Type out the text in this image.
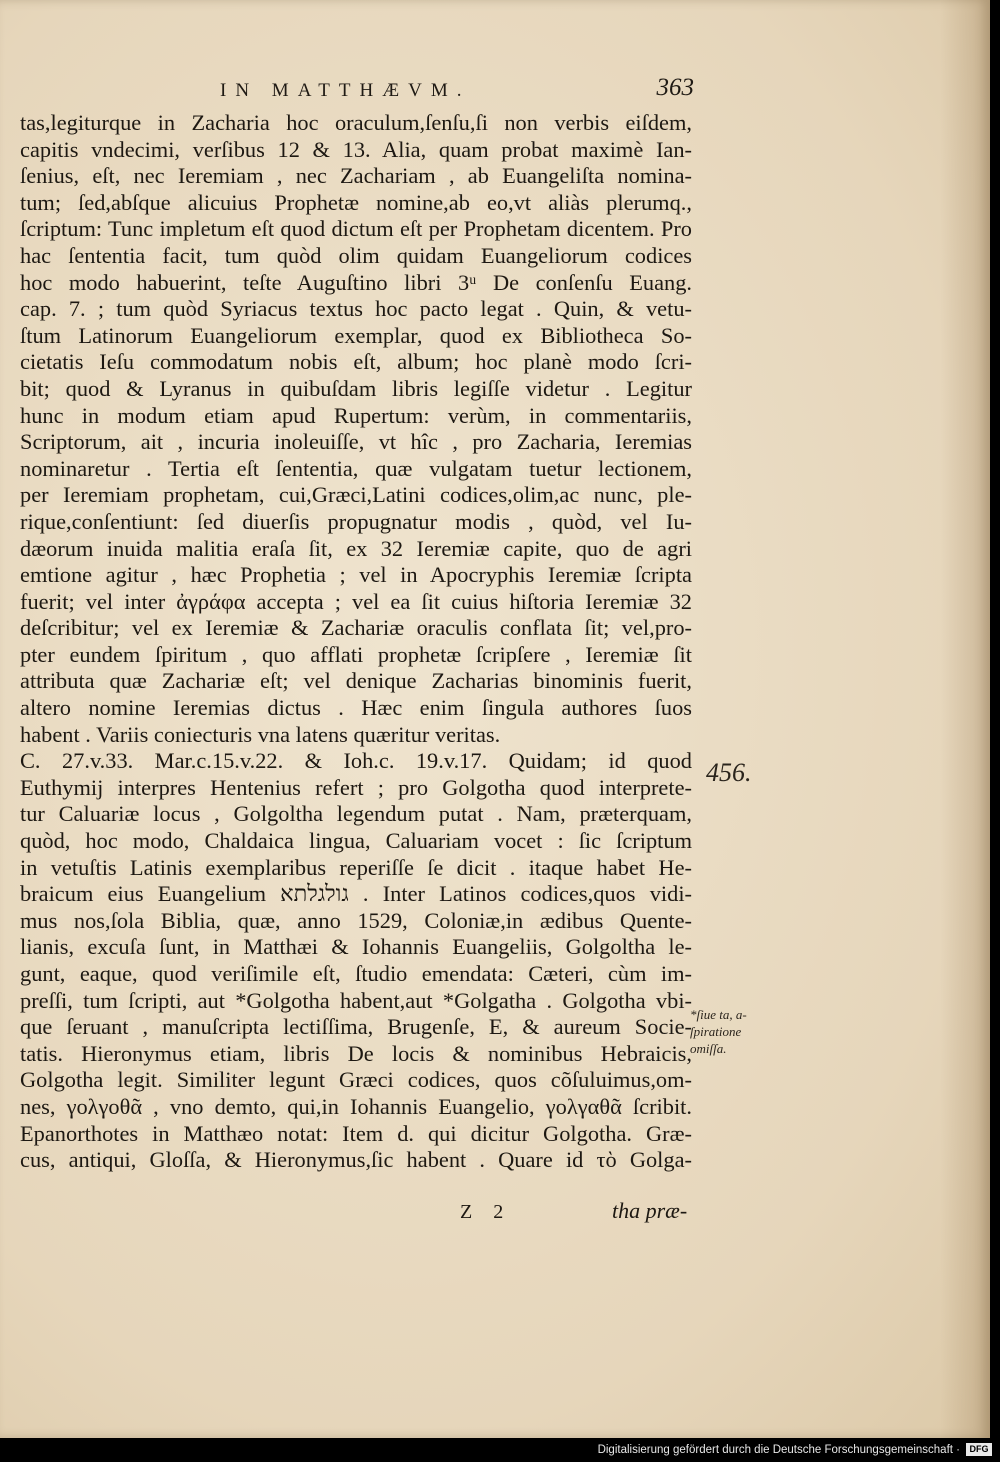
IN MATTHÆVM.	363
tas,legiturque in Zacharia hoc oraculum,ſenſu,ſi non verbis eiſdem,
capitis vndecimi, verſibus 12 & 13. Alia, quam probat maximè Ian-
ſenius, eſt, nec Ieremiam , nec Zachariam , ab Euangeliſta nomina-
tum; ſed,abſque alicuius Prophetæ nomine,ab eo,vt aliàs plerumq.,
ſcriptum: Tunc impletum eſt quod dictum eſt per Prophetam dicentem. Pro
hac ſententia facit, tum quòd olim quidam Euangeliorum codices
hoc modo habuerint, teſte Auguſtino libri 3ᵘ De conſenſu Euang.
cap. 7. ; tum quòd Syriacus textus hoc pacto legat . Quin, & vetu-
ſtum Latinorum Euangeliorum exemplar, quod ex Bibliotheca So-
cietatis Ieſu commodatum nobis eſt, album; hoc planè modo ſcri-
bit; quod & Lyranus in quibuſdam libris legiſſe videtur . Legitur
hunc in modum etiam apud Rupertum: verùm, in commentariis,
Scriptorum, ait , incuria inoleuiſſe, vt hîc , pro Zacharia, Ieremias
nominaretur . Tertia eſt ſententia, quæ vulgatam tuetur lectionem,
per Ieremiam prophetam, cui,Græci,Latini codices,olim,ac nunc, ple-
rique,conſentiunt: ſed diuerſis propugnatur modis , quòd, vel Iu-
dæorum inuida malitia eraſa ſit, ex 32 Ieremiæ capite, quo de agri
emtione agitur , hæc Prophetia ; vel in Apocryphis Ieremiæ ſcripta
fuerit; vel inter ἀγράφα accepta ; vel ea ſit cuius hiſtoria Ieremiæ 32
deſcribitur; vel ex Ieremiæ & Zachariæ oraculis conflata ſit; vel,pro-
pter eundem ſpiritum , quo afflati prophetæ ſcripſere , Ieremiæ ſit
attributa quæ Zachariæ eſt; vel denique Zacharias binominis fuerit,
altero nomine Ieremias dictus . Hæc enim ſingula authores ſuos
habent . Variis coniecturis vna latens quæritur veritas.
C. 27.v.33. Mar.c.15.v.22. & Ioh.c. 19.v.17. Quidam; id quod
Euthymij interpres Hentenius refert ; pro Golgotha quod interprete-
tur Caluariæ locus , Golgoltha legendum putat . Nam, præterquam,
quòd, hoc modo, Chaldaica lingua, Caluariam vocet : ſic ſcriptum
in vetuſtis Latinis exemplaribus reperiſſe ſe dicit . itaque habet He-
braicum eius Euangelium גולגלתא . Inter Latinos codices,quos vidi-
mus nos,ſola Biblia, quæ, anno 1529, Coloniæ,in ædibus Quente-
lianis, excuſa ſunt, in Matthæi & Iohannis Euangeliis, Golgoltha le-
gunt, eaque, quod veriſimile eſt, ſtudio emendata: Cæteri, cùm im-
preſſi, tum ſcripti, aut *Golgotha habent,aut *Golgatha . Golgotha vbi-
que ſeruant , manuſcripta lectiſſima, Brugenſe, E, & aureum Socie-
tatis. Hieronymus etiam, libris De locis & nominibus Hebraicis,
Golgotha legit. Similiter legunt Græci codices, quos cõſuluimus,om-
nes, γολγοθᾶ , vno demto, qui,in Iohannis Euangelio, γολγαθᾶ ſcribit.
Epanorthotes in Matthæo notat: Item d. qui dicitur Golgotha. Græ-
cus, antiqui, Gloſſa, & Hieronymus,ſic habent . Quare id τὸ Golga-
456.
*ſiue ta, a-
ſpiratione
omiſſa.
Z 2	tha præ-
Digitalisierung gefördert durch die Deutsche Forschungsgemeinschaft ·	DFG
